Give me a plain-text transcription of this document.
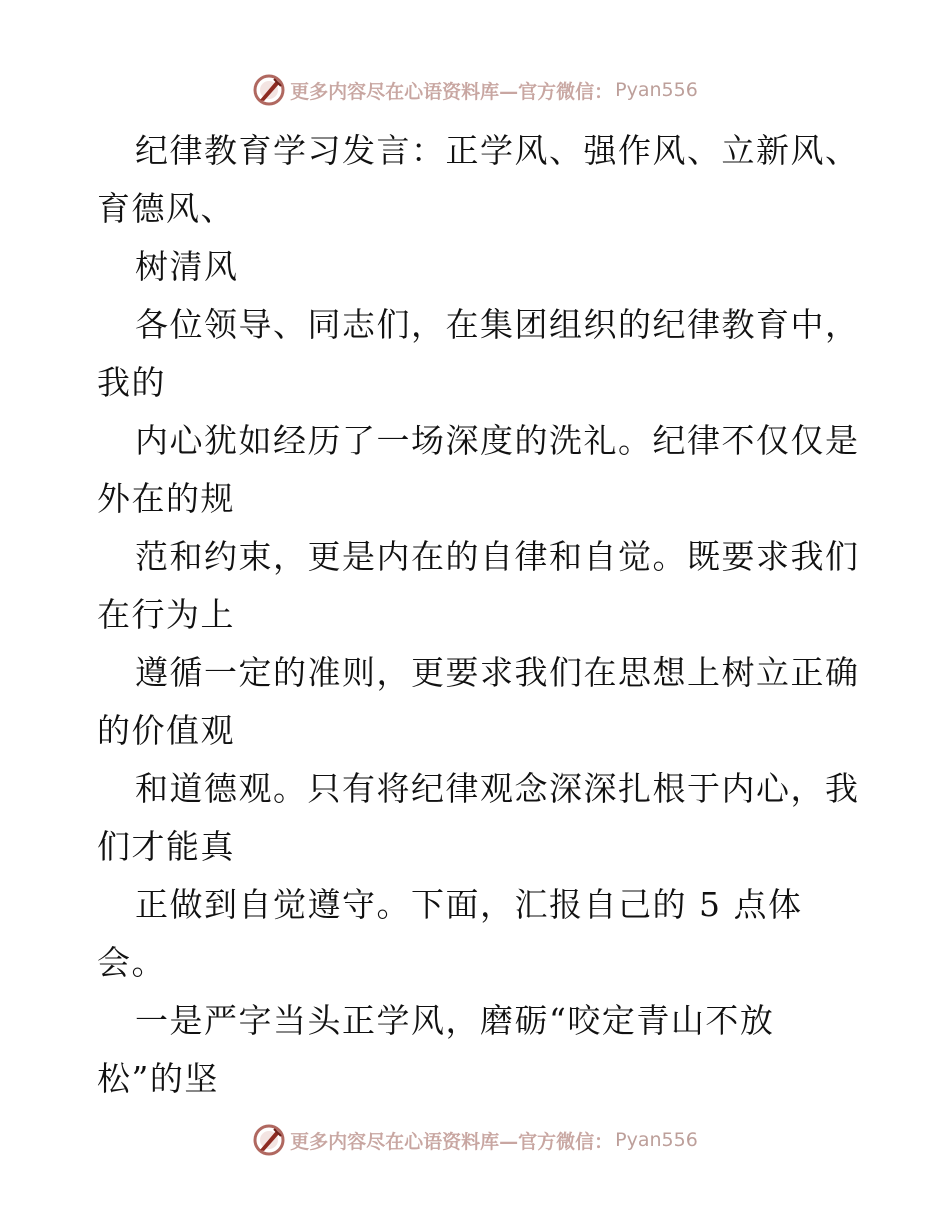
更多内容尽在心语资料库—官方微信： Pyan556
纪律教育学习发言：正学风、强作风、立新风、
育德风、
树清风
各位领导、同志们，在集团组织的纪律教育中，
我的
内心犹如经历了一场深度的洗礼。纪律不仅仅是
外在的规
范和约束，更是内在的自律和自觉。既要求我们
在行为上
遵循一定的准则，更要求我们在思想上树立正确
的价值观
和道德观。只有将纪律观念深深扎根于内心，我
们才能真
正做到自觉遵守。下面，汇报自己的 5 点体
会。
一是严字当头正学风，磨砺“咬定青山不放
松”的坚
更多内容尽在心语资料库—官方微信： Pyan556
